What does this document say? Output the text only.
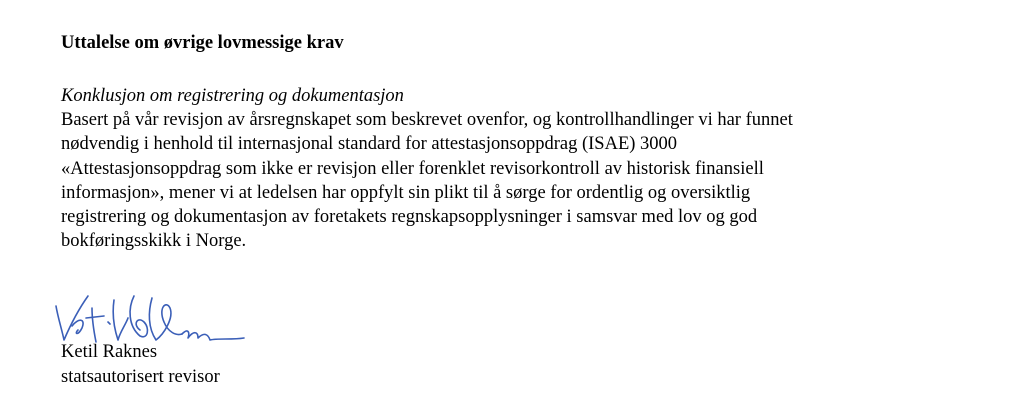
Uttalelse om øvrige lovmessige krav
Konklusjon om registrering og dokumentasjon
Basert på vår revisjon av årsregnskapet som beskrevet ovenfor, og kontrollhandlinger vi har funnet
nødvendig i henhold til internasjonal standard for attestasjonsoppdrag (ISAE) 3000
«Attestasjonsoppdrag som ikke er revisjon eller forenklet revisorkontroll av historisk finansiell
informasjon», mener vi at ledelsen har oppfylt sin plikt til å sørge for ordentlig og oversiktlig
registrering og dokumentasjon av foretakets regnskapsopplysninger i samsvar med lov og god
bokføringsskikk i Norge.
Ketil Raknes
statsautorisert revisor
